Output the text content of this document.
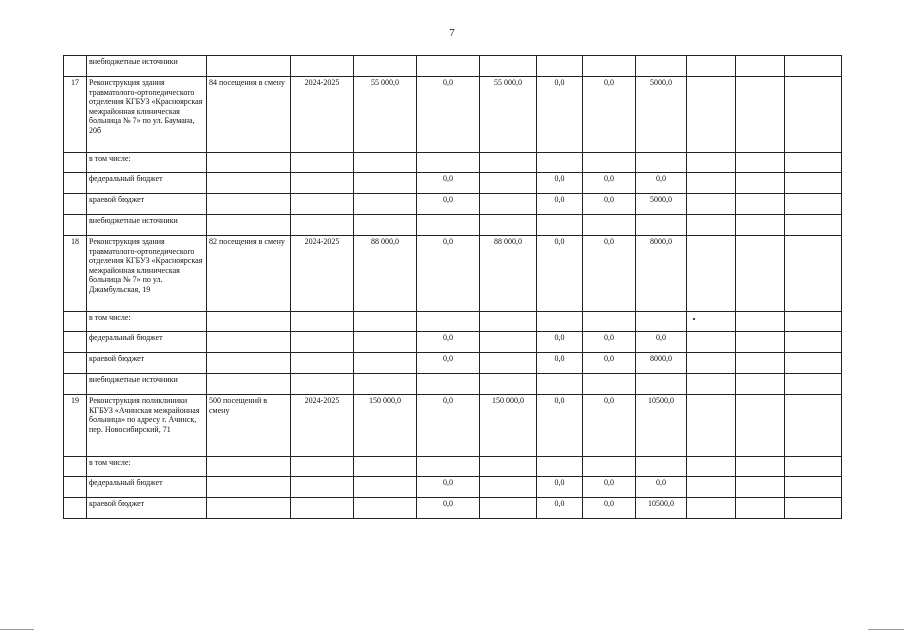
7
	внебюджетные источники											
17	Реконструкция здания травматолого-ортопедического отделения КГБУЗ «Красноярская межрайонная клиническая больница № 7» по ул. Баумана, 20б	84 посещения в смену	2024-2025	55 000,0	0,0	55 000,0	0,0	0,0	5000,0			
	в том числе:											
	федеральный бюджет				0,0		0,0	0,0	0,0			
	краевой бюджет				0,0		0,0	0,0	5000,0			
	внебюджетные источники											
18	Реконструкция здания травматолого-ортопедического отделения КГБУЗ «Красноярская межрайонная клиническая больница № 7» по ул. Джамбульская, 19	82 посещения в смену	2024-2025	88 000,0	0,0	88 000,0	0,0	0,0	8000,0			
	в том числе:											
	федеральный бюджет				0,0		0,0	0,0	0,0			
	краевой бюджет				0,0		0,0	0,0	8000,0			
	внебюджетные источники											
19	Реконструкция поликлиники КГБУЗ «Ачинская межрайонная больница» по адресу г. Ачинск, пер. Новосибирский, 71	500 посещений в смену	2024-2025	150 000,0	0,0	150 000,0	0,0	0,0	10500,0			
	в том числе:											
	федеральный бюджет				0,0		0,0	0,0	0,0			
	краевой бюджет				0,0		0,0	0,0	10500,0			
